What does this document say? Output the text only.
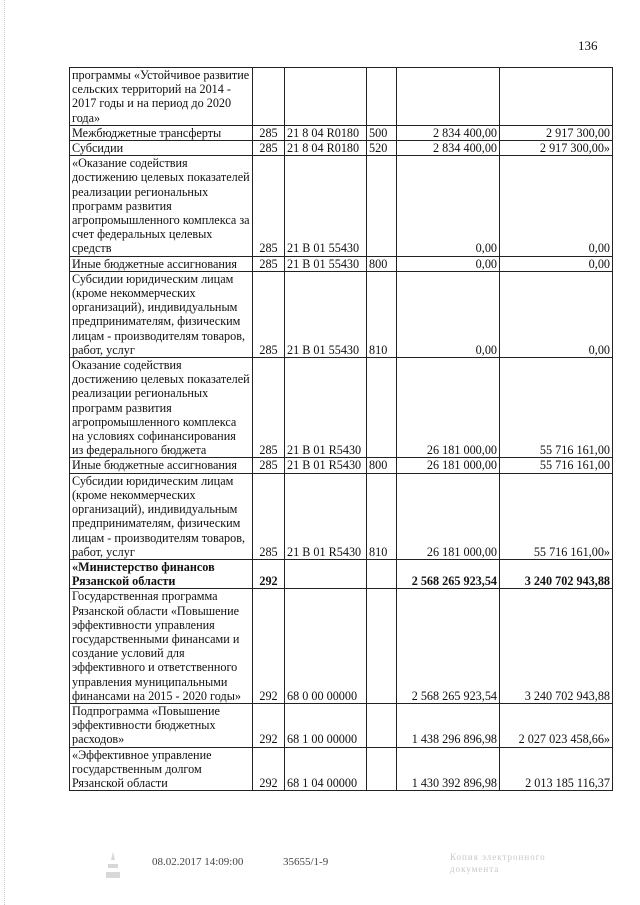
136
программы «Устойчивое развитие сельских территорий на 2014 - 2017 годы и на период до 2020 года»					
Межбюджетные трансферты	285	21 8 04 R0180	500	2 834 400,00	2 917 300,00
Субсидии	285	21 8 04 R0180	520	2 834 400,00	2 917 300,00»
«Оказание содействия достижению целевых показателей реализации региональных программ развития агропромышленного комплекса за счет федеральных целевых средств	285	21 В 01 55430		0,00	0,00
Иные бюджетные ассигнования	285	21 В 01 55430	800	0,00	0,00
Субсидии юридическим лицам (кроме некоммерческих организаций), индивидуальным предпринимателям, физическим лицам - производителям товаров, работ, услуг	285	21 В 01 55430	810	0,00	0,00
Оказание содействия достижению целевых показателей реализации региональных программ развития агропромышленного комплекса на условиях софинансирования из федерального бюджета	285	21 В 01 R5430		26 181 000,00	55 716 161,00
Иные бюджетные ассигнования	285	21 В 01 R5430	800	26 181 000,00	55 716 161,00
Субсидии юридическим лицам (кроме некоммерческих организаций), индивидуальным предпринимателям, физическим лицам - производителям товаров, работ, услуг	285	21 В 01 R5430	810	26 181 000,00	55 716 161,00»
«Министерство финансов Рязанской области	292			2 568 265 923,54	3 240 702 943,88
Государственная программа Рязанской области «Повышение эффективности управления государственными финансами и создание условий для эффективного и ответственного управления муниципальными финансами на 2015 - 2020 годы»	292	68 0 00 00000		2 568 265 923,54	3 240 702 943,88
Подпрограмма «Повышение эффективности бюджетных расходов»	292	68 1 00 00000		1 438 296 896,98	2 027 023 458,66»
«Эффективное управление государственным долгом Рязанской области	292	68 1 04 00000		1 430 392 896,98	2 013 185 116,37
08.02.2017 14:09:00	35655/1-9	Копия электронного документа
